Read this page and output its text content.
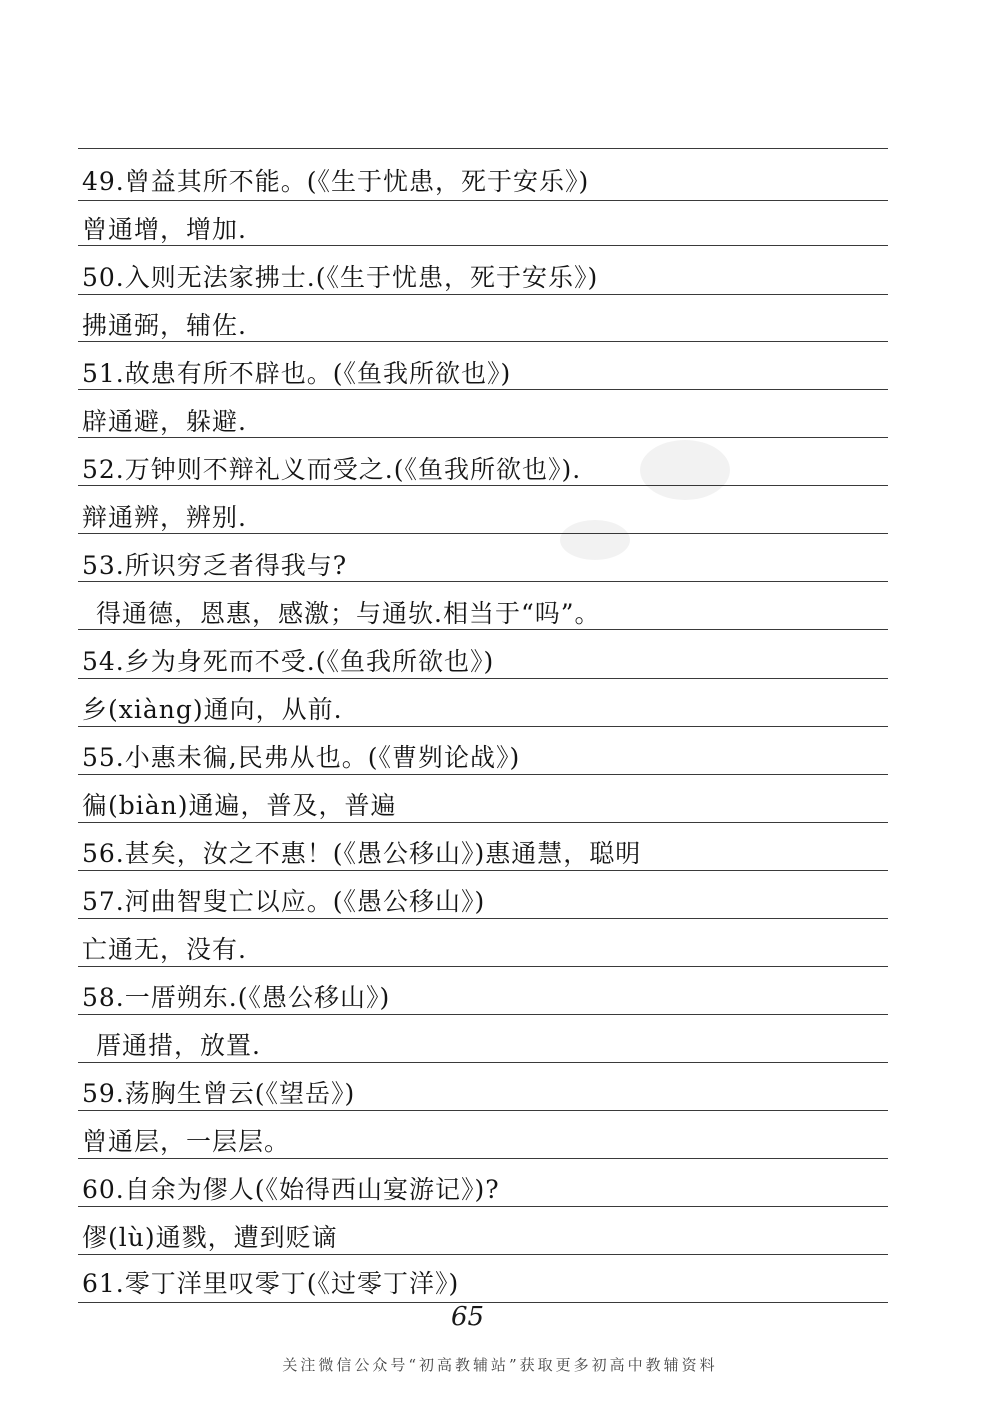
49.曾益其所不能。(《生于忧患，死于安乐》)
曾通增，增加.
50.入则无法家拂士.(《生于忧患，死于安乐》)
拂通弼，辅佐.
51.故患有所不辟也。(《鱼我所欲也》)
辟通避，躲避.
52.万钟则不辩礼义而受之.(《鱼我所欲也》).
辩通辨，辨别.
53.所识穷乏者得我与?
得通德，恩惠，感激；与通欤.相当于“吗”。
54.乡为身死而不受.(《鱼我所欲也》)
乡(xiàng)通向，从前.
55.小惠未徧,民弗从也。(《曹刿论战》)
徧(biàn)通遍，普及，普遍
56.甚矣，汝之不惠！(《愚公移山》)惠通慧，聪明
57.河曲智叟亡以应。(《愚公移山》)
亡通无，没有.
58.一厝朔东.(《愚公移山》)
厝通措，放置.
59.荡胸生曾云(《望岳》)
曾通层，一层层。
60.自余为僇人(《始得西山宴游记》)?
僇(lù)通戮，遭到贬谪
61.零丁洋里叹零丁(《过零丁洋》)
65
关注微信公众号“初高教辅站”获取更多初高中教辅资料
